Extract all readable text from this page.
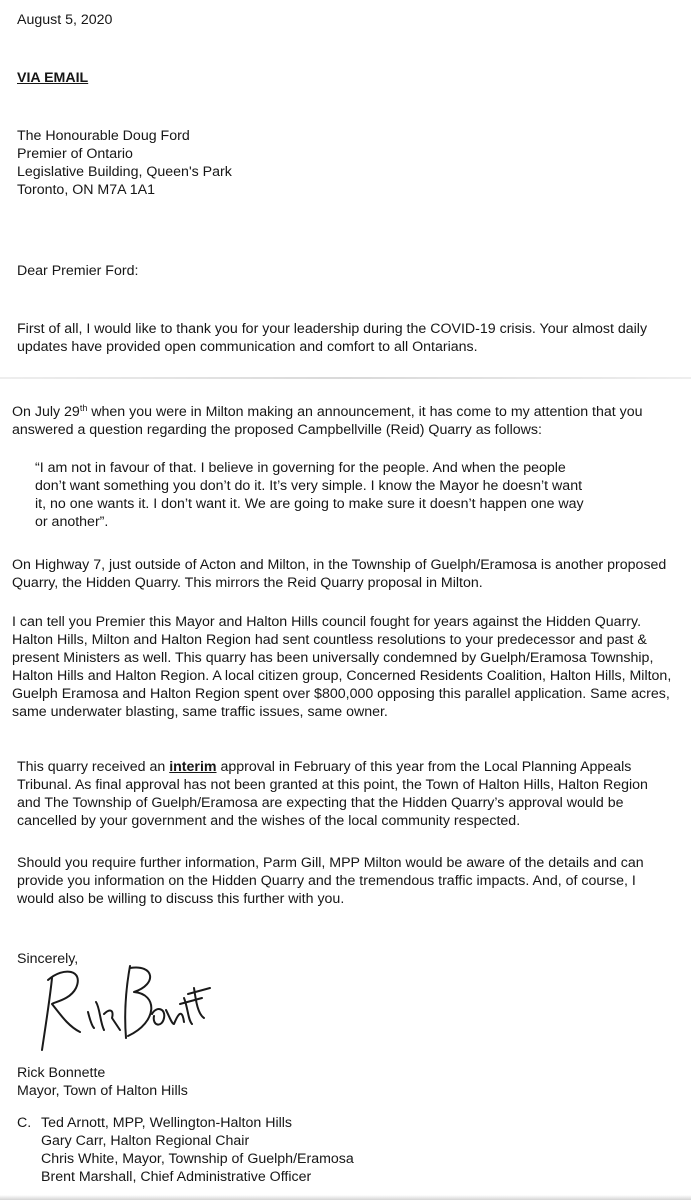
August 5, 2020

VIA EMAIL

The Honourable Doug Ford
Premier of Ontario
Legislative Building, Queen's Park
Toronto, ON M7A 1A1

Dear Premier Ford:

First of all, I would like to thank you for your leadership during the COVID-19 crisis. Your almost daily
updates have provided open communication and comfort to all Ontarians.

On July 29th when you were in Milton making an announcement, it has come to my attention that you
answered a question regarding the proposed Campbellville (Reid) Quarry as follows:

“I am not in favour of that. I believe in governing for the people. And when the people
don’t want something you don’t do it. It’s very simple. I know the Mayor he doesn’t want
it, no one wants it. I don’t want it. We are going to make sure it doesn’t happen one way
or another”.

On Highway 7, just outside of Acton and Milton, in the Township of Guelph/Eramosa is another proposed
Quarry, the Hidden Quarry. This mirrors the Reid Quarry proposal in Milton.

I can tell you Premier this Mayor and Halton Hills council fought for years against the Hidden Quarry.
Halton Hills, Milton and Halton Region had sent countless resolutions to your predecessor and past &
present Ministers as well. This quarry has been universally condemned by Guelph/Eramosa Township,
Halton Hills and Halton Region. A local citizen group, Concerned Residents Coalition, Halton Hills, Milton,
Guelph Eramosa and Halton Region spent over $800,000 opposing this parallel application. Same acres,
same underwater blasting, same traffic issues, same owner.

This quarry received an interim approval in February of this year from the Local Planning Appeals
Tribunal. As final approval has not been granted at this point, the Town of Halton Hills, Halton Region
and The Township of Guelph/Eramosa are expecting that the Hidden Quarry’s approval would be
cancelled by your government and the wishes of the local community respected.

Should you require further information, Parm Gill, MPP Milton would be aware of the details and can
provide you information on the Hidden Quarry and the tremendous traffic impacts. And, of course, I
would also be willing to discuss this further with you.

Sincerely,

Rick Bonnette
Mayor, Town of Halton Hills

C. Ted Arnott, MPP, Wellington-Halton Hills
Gary Carr, Halton Regional Chair
Chris White, Mayor, Township of Guelph/Eramosa
Brent Marshall, Chief Administrative Officer
